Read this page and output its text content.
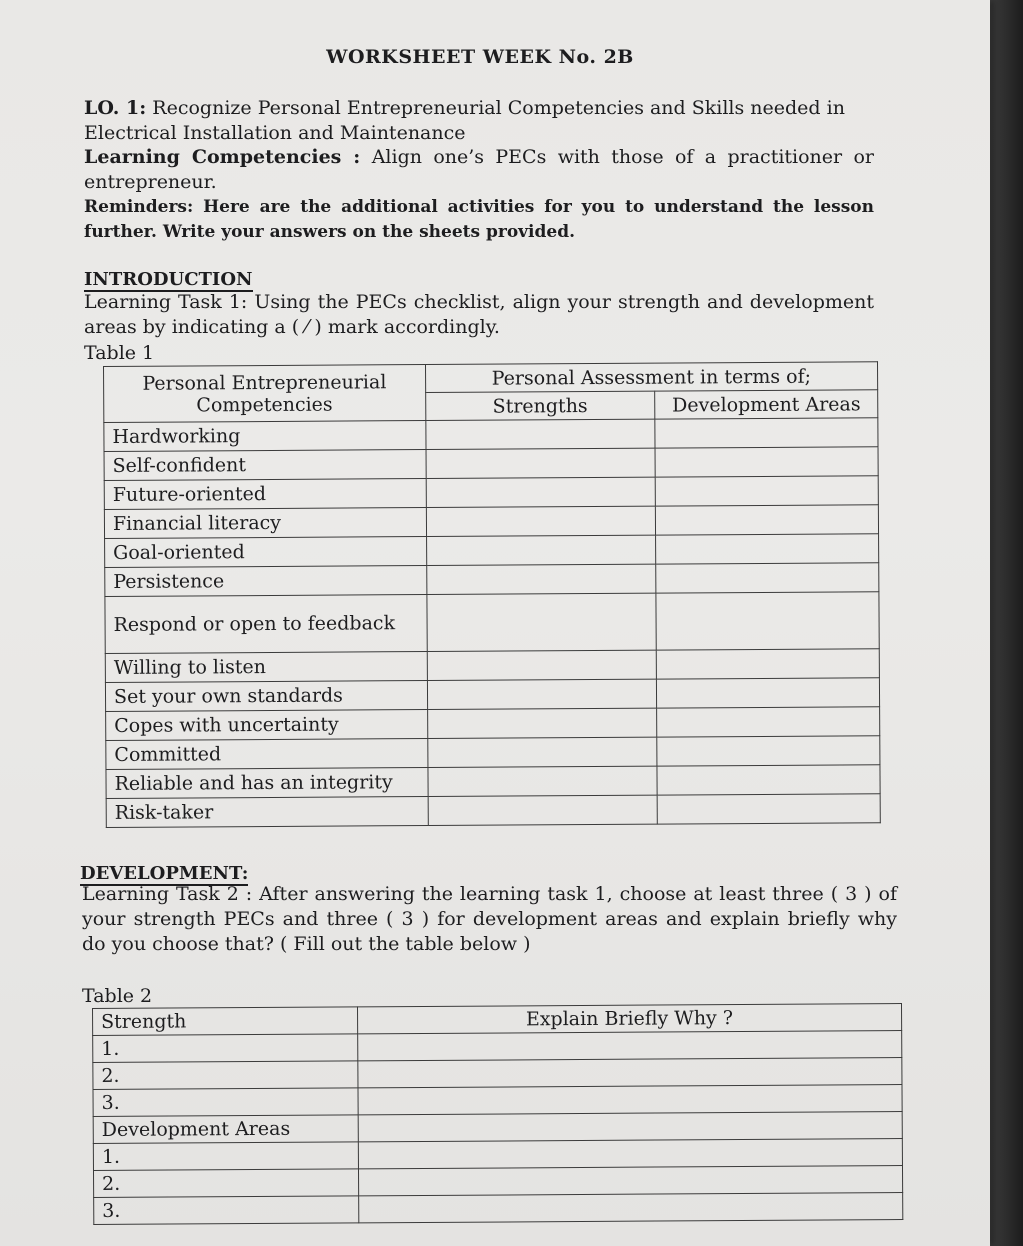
WORKSHEET WEEK No. 2B
LO. 1: Recognize Personal Entrepreneurial Competencies and Skills needed in Electrical Installation and Maintenance
Learning Competencies : Align one’s PECs with those of a practitioner or entrepreneur.
Reminders: Here are the additional activities for you to understand the lesson further. Write your answers on the sheets provided.
INTRODUCTION
Learning Task 1: Using the PECs checklist, align your strength and development areas by indicating a ( ⁄ ) mark accordingly.
Table 1
Personal Entrepreneurial Competencies	Personal Assessment in terms of;	
	Strengths	Development Areas
Hardworking		
Self-confident		
Future-oriented		
Financial literacy		
Goal-oriented		
Persistence		
Respond or open to feedback		
Willing to listen		
Set your own standards		
Copes with uncertainty		
Committed		
Reliable and has an integrity		
Risk-taker		
DEVELOPMENT:
Learning Task 2 : After answering the learning task 1, choose at least three ( 3 ) of your strength PECs and three ( 3 ) for development areas and explain briefly why do you choose that? ( Fill out the table below )
Table 2
Strength	Explain Briefly Why ?
1.	
2.	
3.	
Development Areas	
1.	
2.	
3.	
